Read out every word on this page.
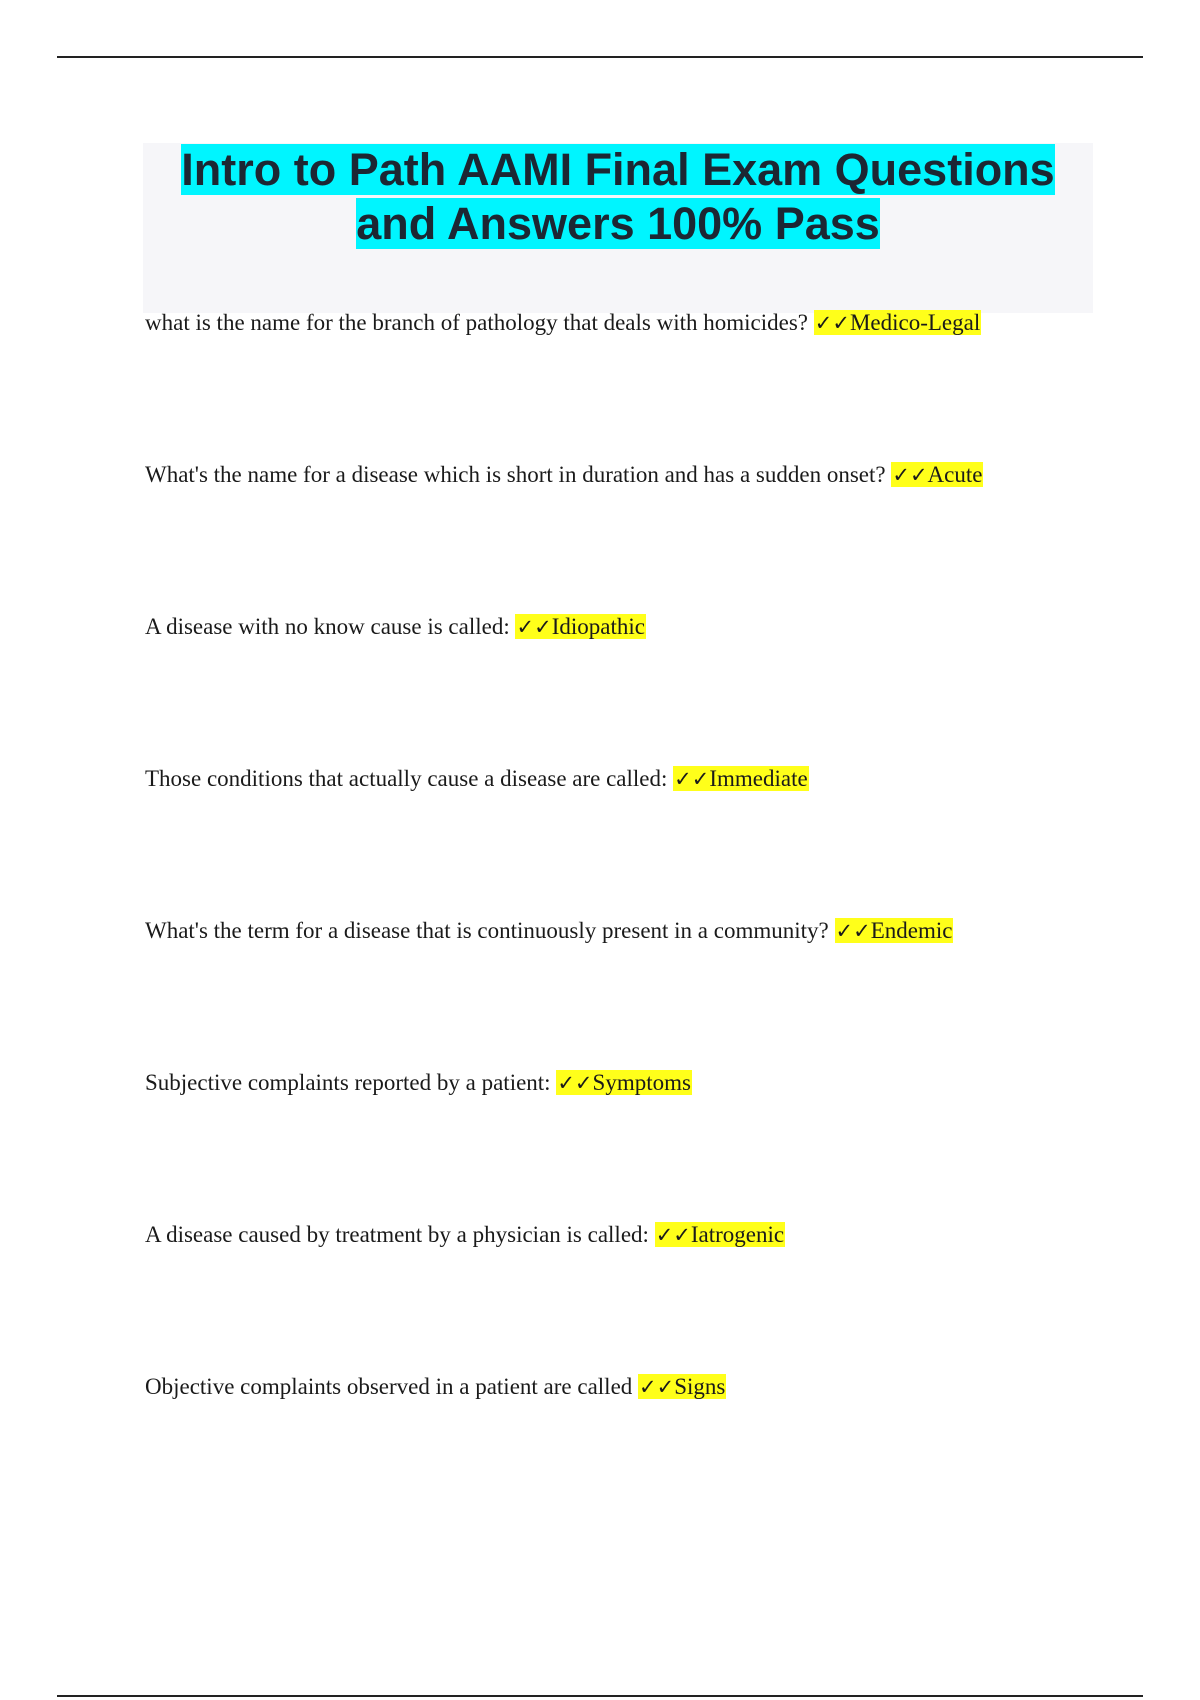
Intro to Path AAMI Final Exam Questions
and Answers 100% Pass
what is the name for the branch of pathology that deals with homicides? ✓✓Medico-Legal
What's the name for a disease which is short in duration and has a sudden onset? ✓✓Acute
A disease with no know cause is called: ✓✓Idiopathic
Those conditions that actually cause a disease are called: ✓✓Immediate
What's the term for a disease that is continuously present in a community? ✓✓Endemic
Subjective complaints reported by a patient: ✓✓Symptoms
A disease caused by treatment by a physician is called: ✓✓Iatrogenic
Objective complaints observed in a patient are called ✓✓Signs
